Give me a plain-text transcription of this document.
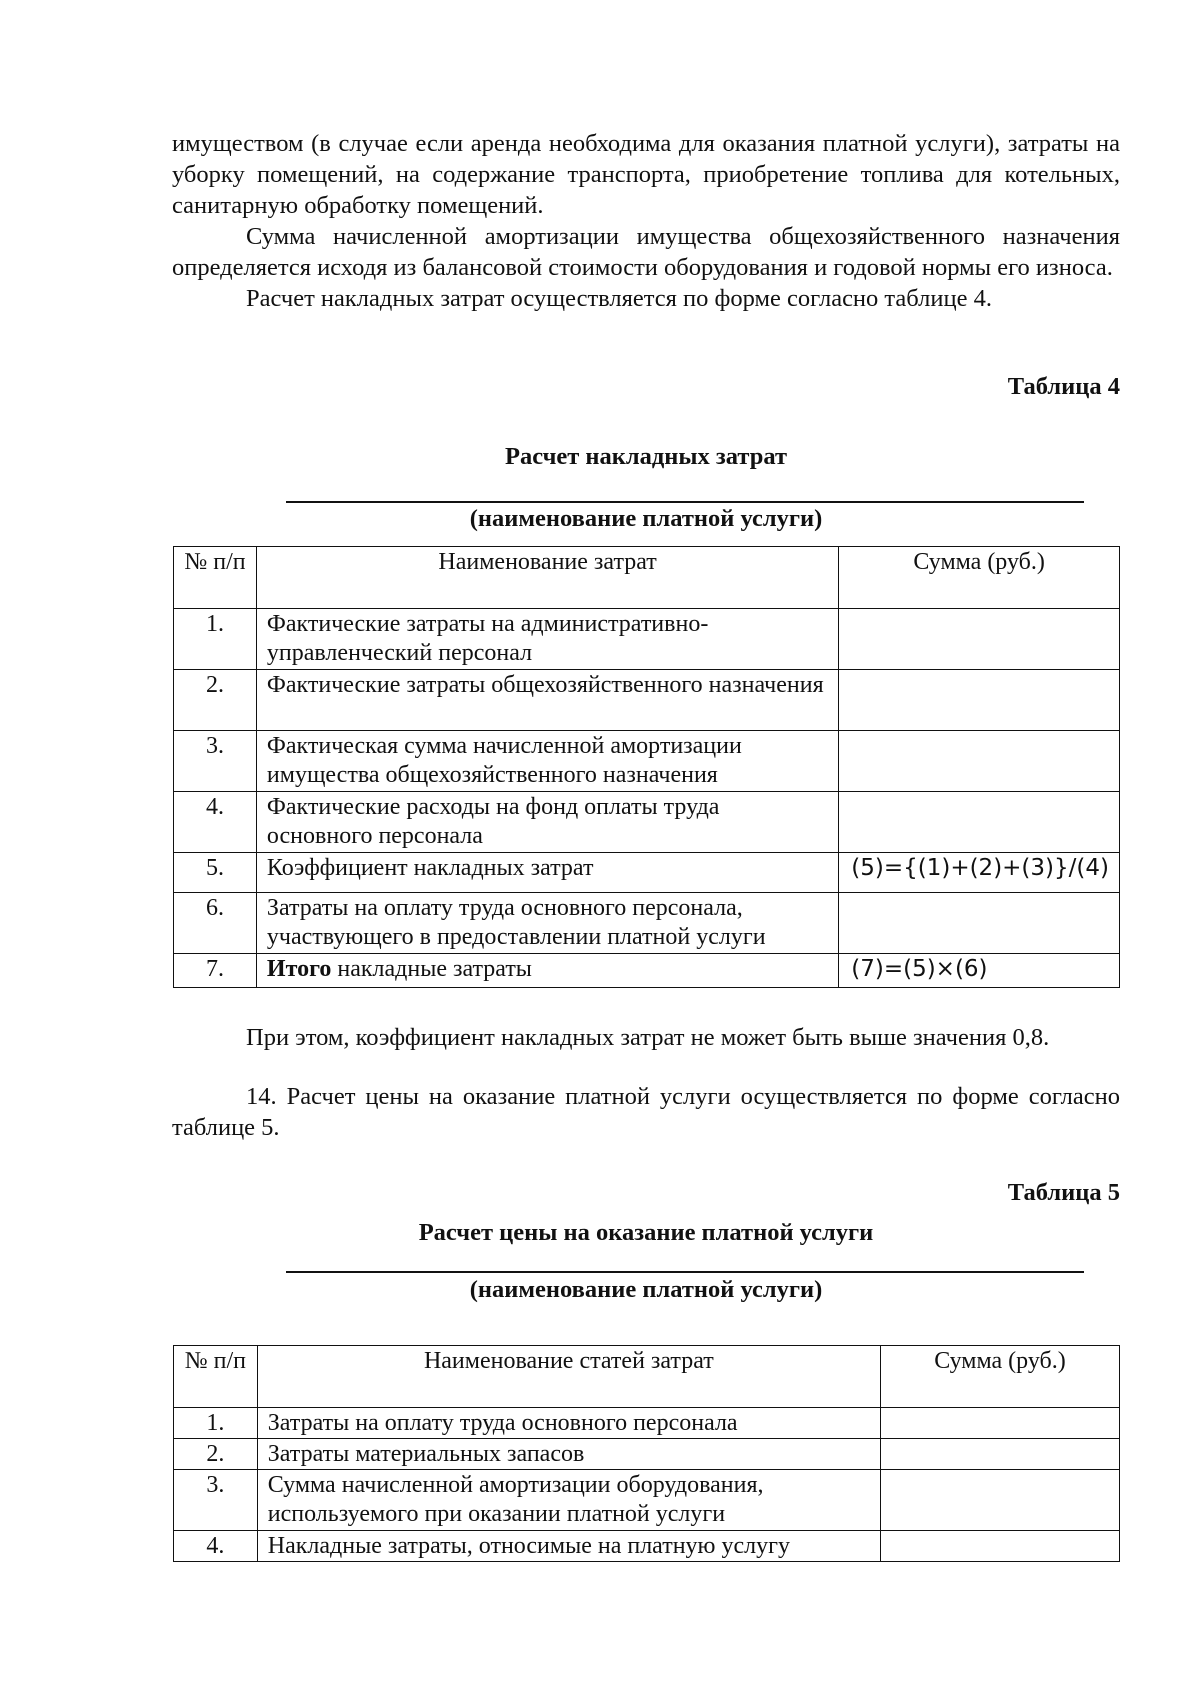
имуществом (в случае если аренда необходима для оказания платной услуги), затраты на уборку помещений, на содержание транспорта, приобретение топлива для котельных, санитарную обработку помещений.

Сумма начисленной амортизации имущества общехозяйственного назначения определяется исходя из балансовой стоимости оборудования и годовой нормы его износа.

Расчет накладных затрат осуществляется по форме согласно таблице 4.

Таблица 4
Расчет накладных затрат
(наименование платной услуги)
№ п/п	Наименование затрат	Сумма (руб.)
1.	Фактические затраты на административно-управленческий персонал	
2.	Фактические затраты общехозяйственного назначения	
3.	Фактическая сумма начисленной амортизации имущества общехозяйственного назначения	
4.	Фактические расходы на фонд оплаты труда основного персонала	
5.	Коэффициент накладных затрат	(5)={(1)+(2)+(3)}/(4)
6.	Затраты на оплату труда основного персонала, участвующего в предоставлении платной услуги	
7.	Итого накладные затраты	(7)=(5)×(6)

При этом, коэффициент накладных затрат не может быть выше значения 0,8.

14. Расчет цены на оказание платной услуги осуществляется по форме согласно таблице 5.

Таблица 5
Расчет цены на оказание платной услуги
(наименование платной услуги)
№ п/п	Наименование статей затрат	Сумма (руб.)
1.	Затраты на оплату труда основного персонала	
2.	Затраты материальных запасов	
3.	Сумма начисленной амортизации оборудования, используемого при оказании платной услуги	
4.	Накладные затраты, относимые на платную услугу	
